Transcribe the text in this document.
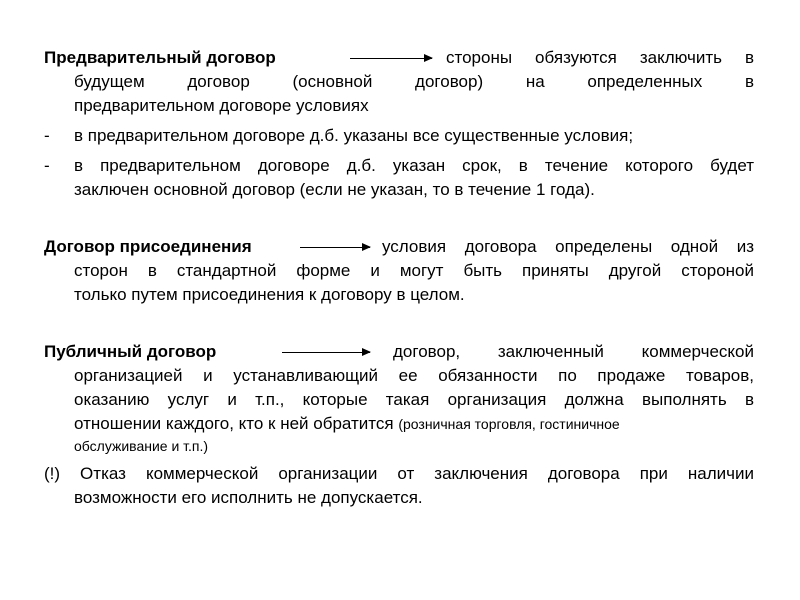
Предварительный договор	стороны обязуются заключить в
будущем договор (основной договор) на определенных в
предварительном договоре условиях
- в предварительном договоре д.б. указаны все существенные условия;
- в предварительном договоре д.б. указан срок, в течение которого будет
заключен основной договор (если не указан, то в течение 1 года).
Договор присоединения	условия договора определены одной из
сторон в стандартной форме и могут быть приняты другой стороной
только путем присоединения к договору в целом.
Публичный договор	договор, заключенный коммерческой
организацией и устанавливающий ее обязанности по продаже товаров,
оказанию услуг и т.п., которые такая организация должна выполнять в
отношении каждого, кто к ней обратится (розничная торговля, гостиничное
обслуживание и т.п.)
(!) Отказ коммерческой организации от заключения договора при наличии
возможности его исполнить не допускается.
